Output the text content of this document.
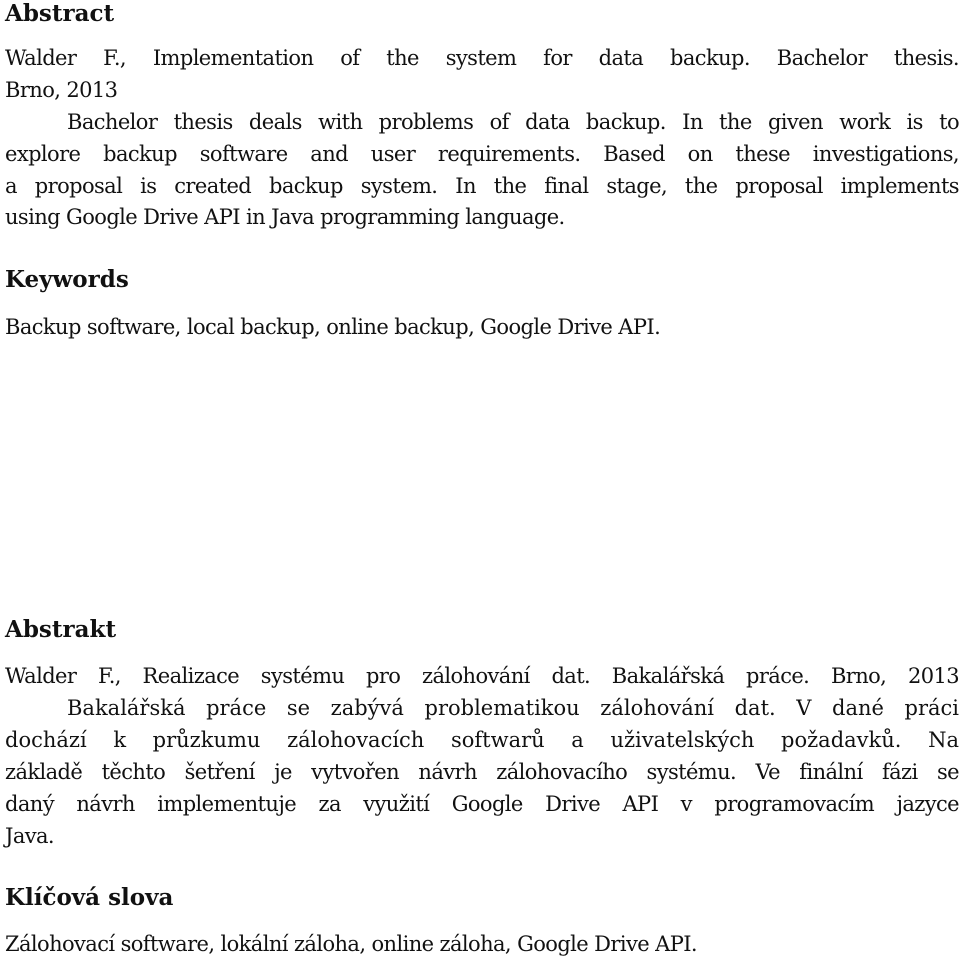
Abstract
Walder F., Implementation of the system for data backup. Bachelor thesis.
Brno, 2013
Bachelor thesis deals with problems of data backup. In the given work is to
explore backup software and user requirements. Based on these investigations,
a proposal is created backup system. In the final stage, the proposal implements
using Google Drive API in Java programming language.
Keywords
Backup software, local backup, online backup, Google Drive API.
Abstrakt
Walder F., Realizace systému pro zálohování dat. Bakalářská práce. Brno, 2013
Bakalářská práce se zabývá problematikou zálohování dat. V dané práci
dochází k průzkumu zálohovacích softwarů a uživatelských požadavků. Na
základě těchto šetření je vytvořen návrh zálohovacího systému. Ve finální fázi se
daný návrh implementuje za využití Google Drive API v programovacím jazyce
Java.
Klíčová slova
Zálohovací software, lokální záloha, online záloha, Google Drive API.
